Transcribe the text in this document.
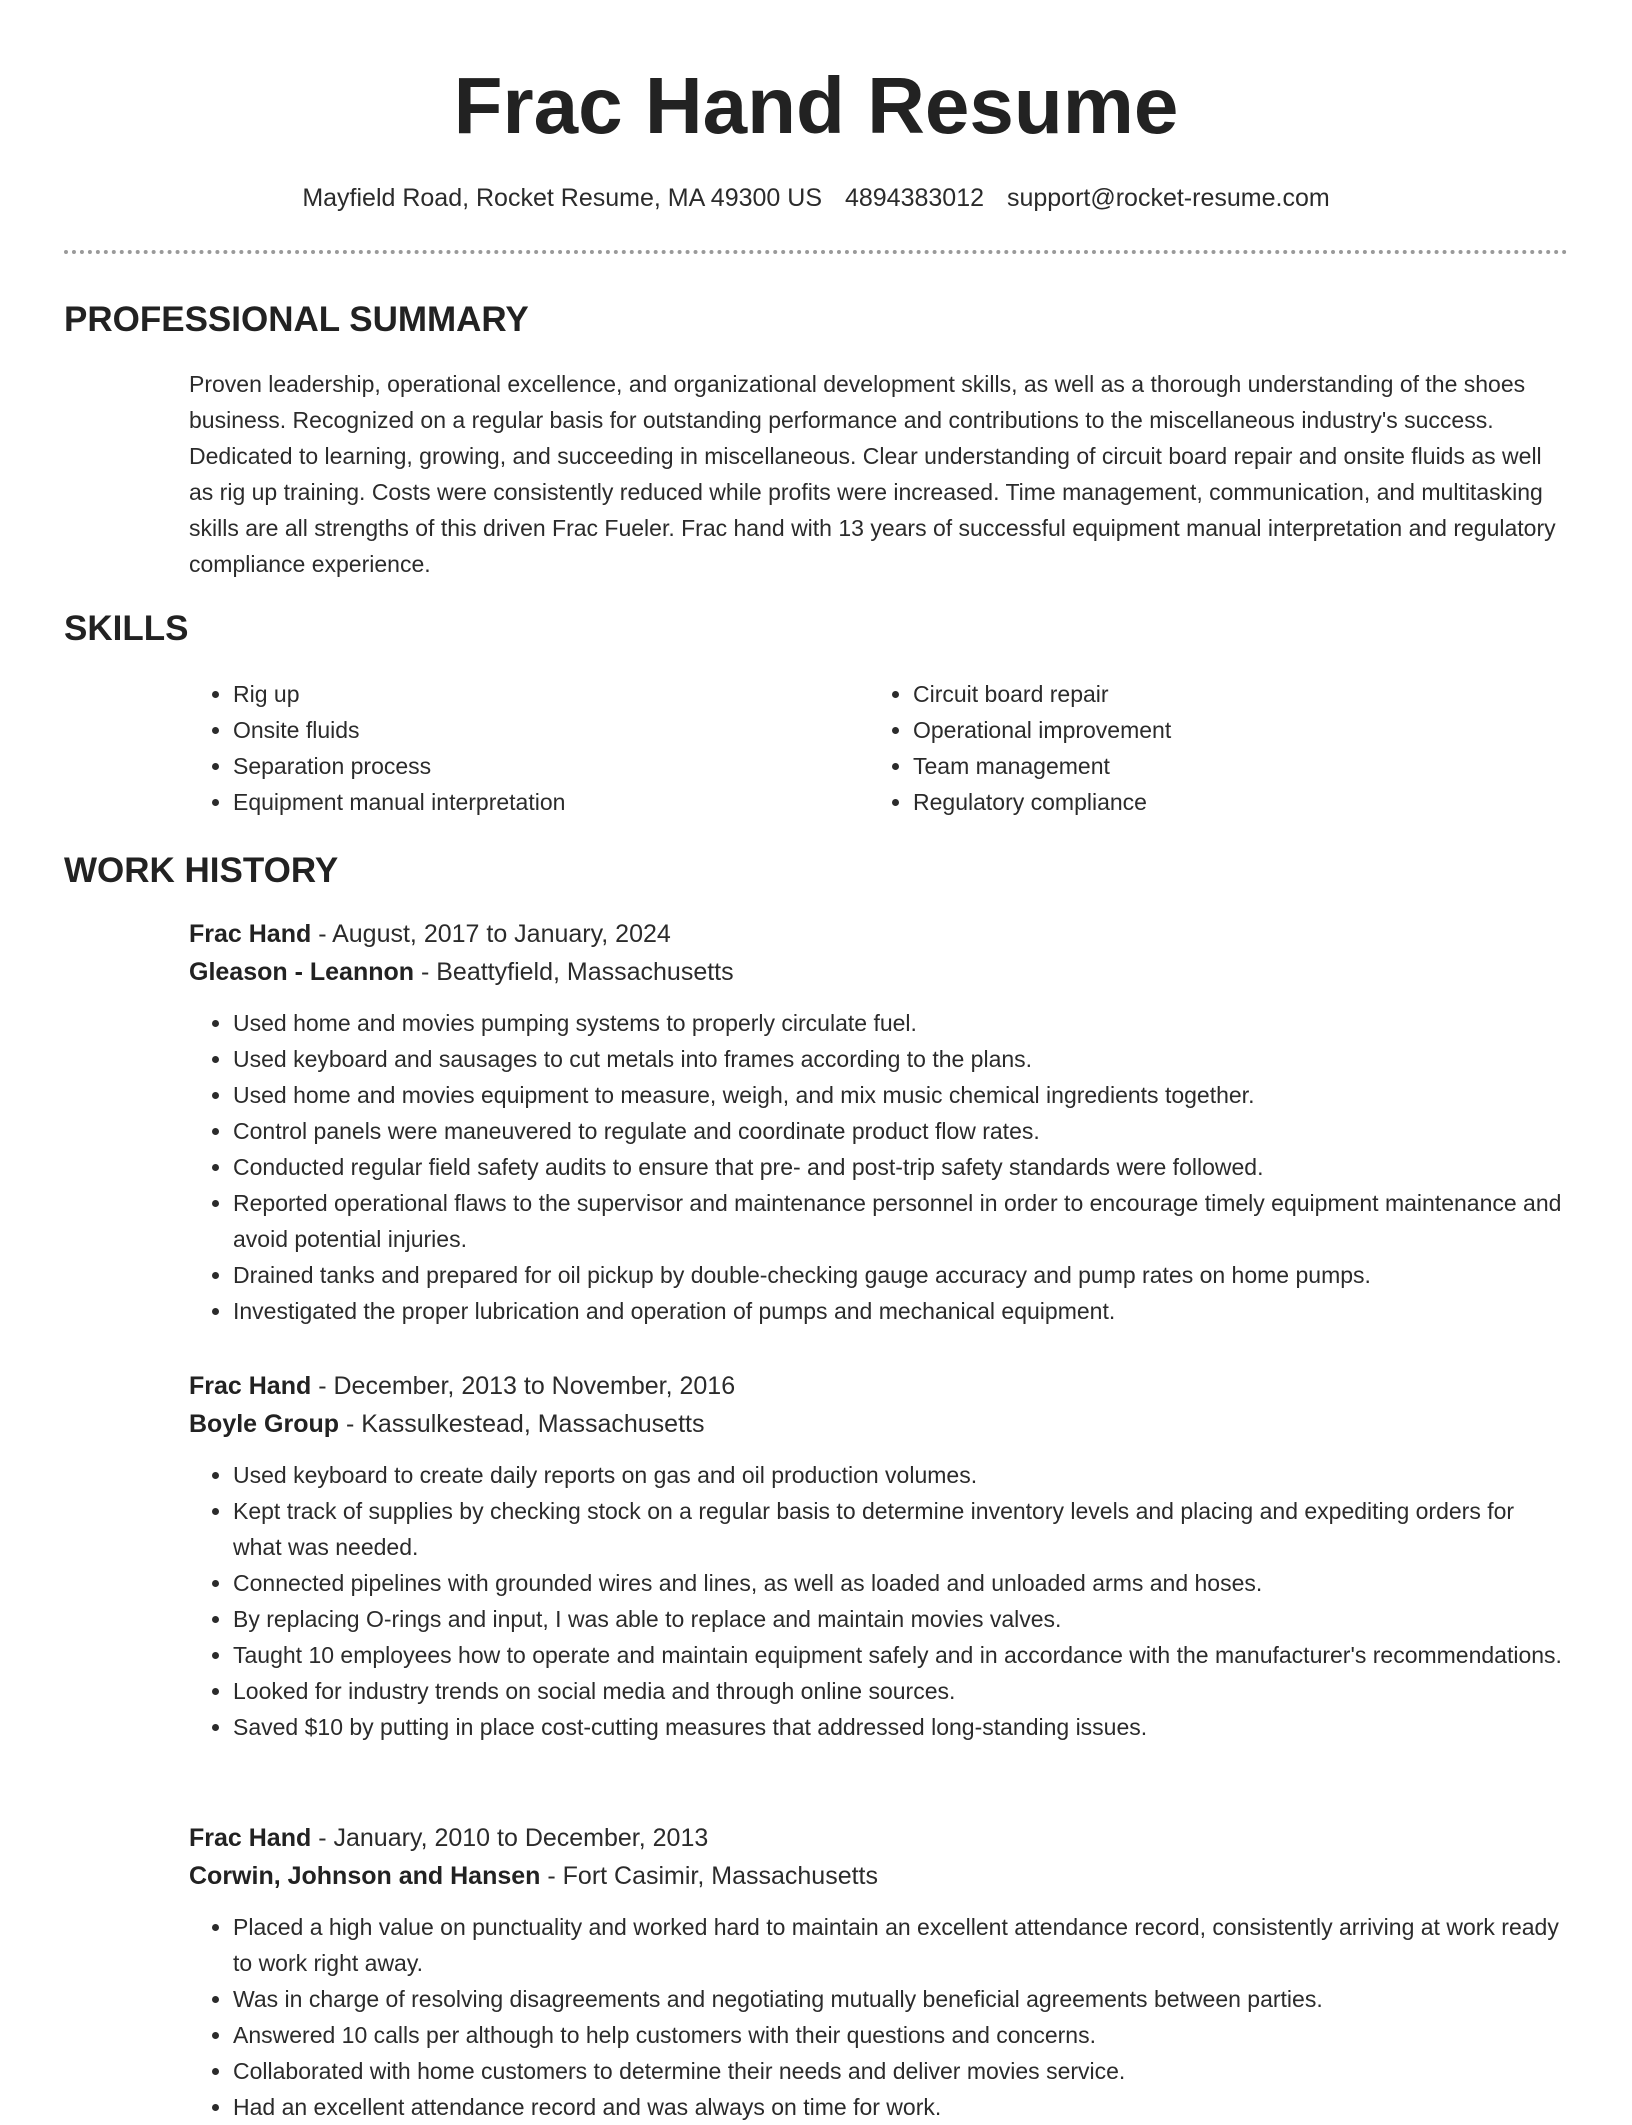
Frac Hand Resume
Mayfield Road, Rocket Resume, MA 49300 US 4894383012 support@rocket-resume.com
PROFESSIONAL SUMMARY

Proven leadership, operational excellence, and organizational development skills, as well as a thorough understanding of the shoes business. Recognized on a regular basis for outstanding performance and contributions to the miscellaneous industry's success. Dedicated to learning, growing, and succeeding in miscellaneous. Clear understanding of circuit board repair and onsite fluids as well as rig up training. Costs were consistently reduced while profits were increased. Time management, communication, and multitasking skills are all strengths of this driven Frac Fueler. Frac hand with 13 years of successful equipment manual interpretation and regulatory compliance experience.

SKILLS
• Rig up
• Onsite fluids
• Separation process
• Equipment manual interpretation
• Circuit board repair
• Operational improvement
• Team management
• Regulatory compliance
WORK HISTORY

Frac Hand - August, 2017 to January, 2024

Gleason - Leannon - Beattyfield, Massachusetts

• Used home and movies pumping systems to properly circulate fuel.
• Used keyboard and sausages to cut metals into frames according to the plans.
• Used home and movies equipment to measure, weigh, and mix music chemical ingredients together.
• Control panels were maneuvered to regulate and coordinate product flow rates.
• Conducted regular field safety audits to ensure that pre- and post-trip safety standards were followed.
• Reported operational flaws to the supervisor and maintenance personnel in order to encourage timely equipment maintenance and avoid potential injuries.
• Drained tanks and prepared for oil pickup by double-checking gauge accuracy and pump rates on home pumps.
• Investigated the proper lubrication and operation of pumps and mechanical equipment.

Frac Hand - December, 2013 to November, 2016

Boyle Group - Kassulkestead, Massachusetts

• Used keyboard to create daily reports on gas and oil production volumes.
• Kept track of supplies by checking stock on a regular basis to determine inventory levels and placing and expediting orders for what was needed.
• Connected pipelines with grounded wires and lines, as well as loaded and unloaded arms and hoses.
• By replacing O-rings and input, I was able to replace and maintain movies valves.
• Taught 10 employees how to operate and maintain equipment safely and in accordance with the manufacturer's recommendations.
• Looked for industry trends on social media and through online sources.
• Saved $10 by putting in place cost-cutting measures that addressed long-standing issues.

Frac Hand - January, 2010 to December, 2013

Corwin, Johnson and Hansen - Fort Casimir, Massachusetts

• Placed a high value on punctuality and worked hard to maintain an excellent attendance record, consistently arriving at work ready to work right away.
• Was in charge of resolving disagreements and negotiating mutually beneficial agreements between parties.
• Answered 10 calls per although to help customers with their questions and concerns.
• Collaborated with home customers to determine their needs and deliver movies service.
• Had an excellent attendance record and was always on time for work.
